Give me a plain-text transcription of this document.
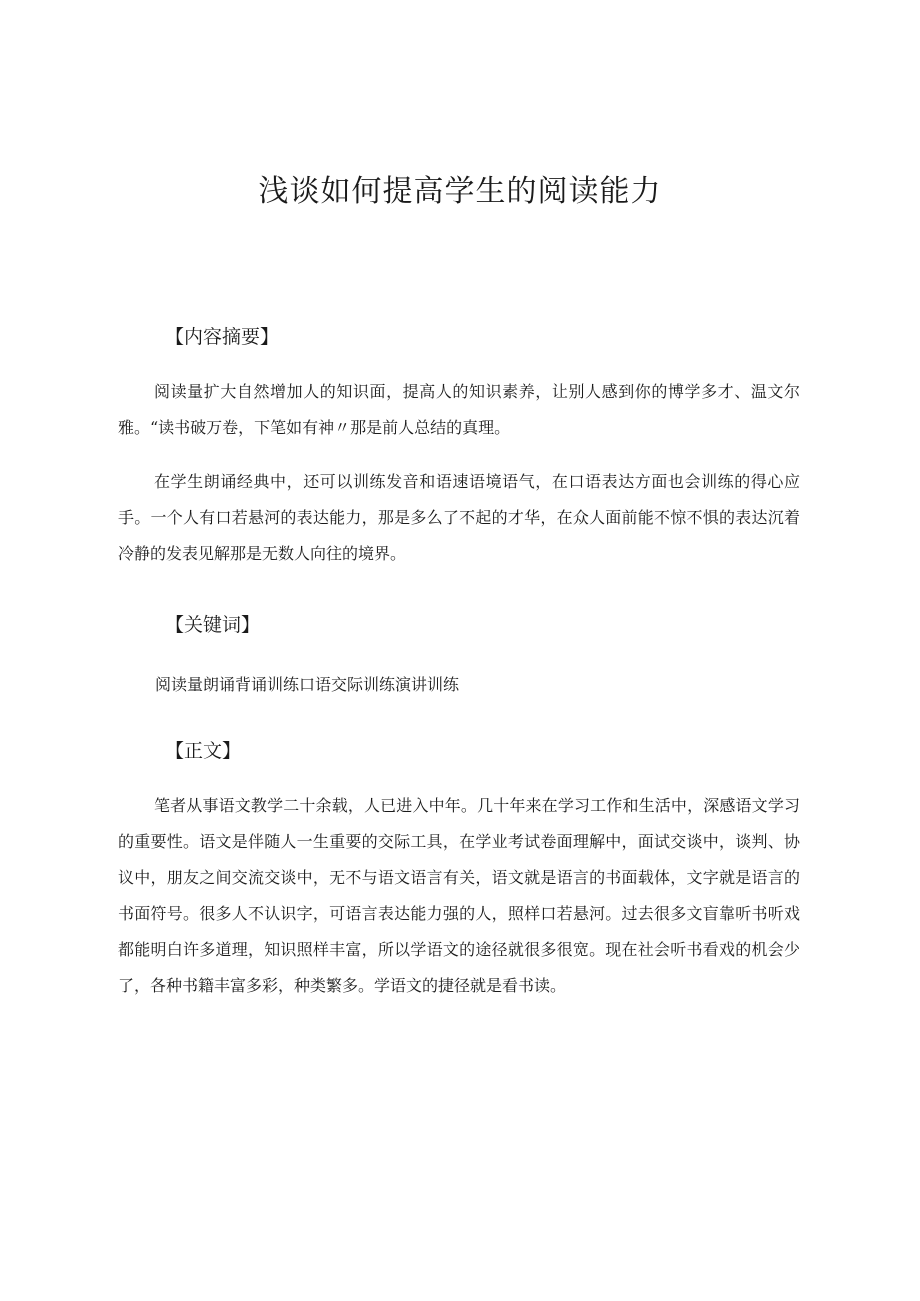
浅谈如何提高学生的阅读能力
【内容摘要】

阅读量扩大自然增加人的知识面，提高人的知识素养，让别人感到你的博学多才、温文尔雅。“读书破万卷，下笔如有神〃那是前人总结的真理。

在学生朗诵经典中，还可以训练发音和语速语境语气，在口语表达方面也会训练的得心应手。一个人有口若悬河的表达能力，那是多么了不起的才华，在众人面前能不惊不惧的表达沉着冷静的发表见解那是无数人向往的境界。

【关键词】

阅读量朗诵背诵训练口语交际训练演讲训练

【正文】

笔者从事语文教学二十余载，人已进入中年。几十年来在学习工作和生活中，深感语文学习的重要性。语文是伴随人一生重要的交际工具，在学业考试卷面理解中，面试交谈中，谈判、协议中，朋友之间交流交谈中，无不与语文语言有关，语文就是语言的书面载体，文字就是语言的书面符号。很多人不认识字，可语言表达能力强的人，照样口若悬河。过去很多文盲靠听书听戏都能明白许多道理，知识照样丰富，所以学语文的途径就很多很宽。现在社会听书看戏的机会少了，各种书籍丰富多彩，种类繁多。学语文的捷径就是看书读。
